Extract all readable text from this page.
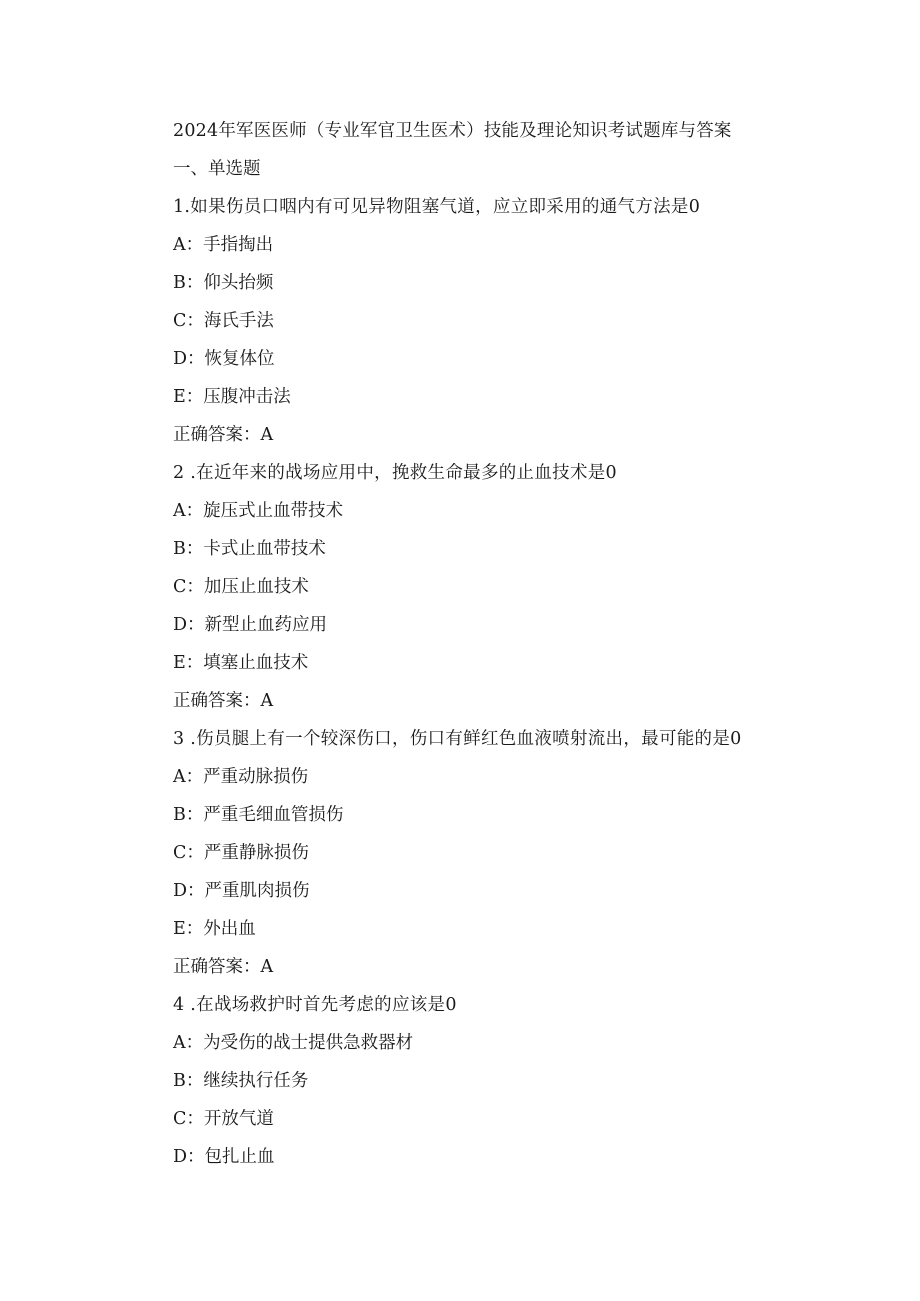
2024年军医医师（专业军官卫生医术）技能及理论知识考试题库与答案
一、单选题
1.如果伤员口咽内有可见异物阻塞气道，应立即采用的通气方法是0
A：手指掏出
B：仰头抬频
C：海氏手法
D：恢复体位
E：压腹冲击法
正确答案：A
2 .在近年来的战场应用中，挽救生命最多的止血技术是0
A：旋压式止血带技术
B：卡式止血带技术
C：加压止血技术
D：新型止血药应用
E：填塞止血技术
正确答案：A
3 .伤员腿上有一个较深伤口，伤口有鲜红色血液喷射流出，最可能的是0
A：严重动脉损伤
B：严重毛细血管损伤
C：严重静脉损伤
D：严重肌肉损伤
E：外出血
正确答案：A
4 .在战场救护时首先考虑的应该是0
A：为受伤的战士提供急救器材
B：继续执行任务
C：开放气道
D：包扎止血
